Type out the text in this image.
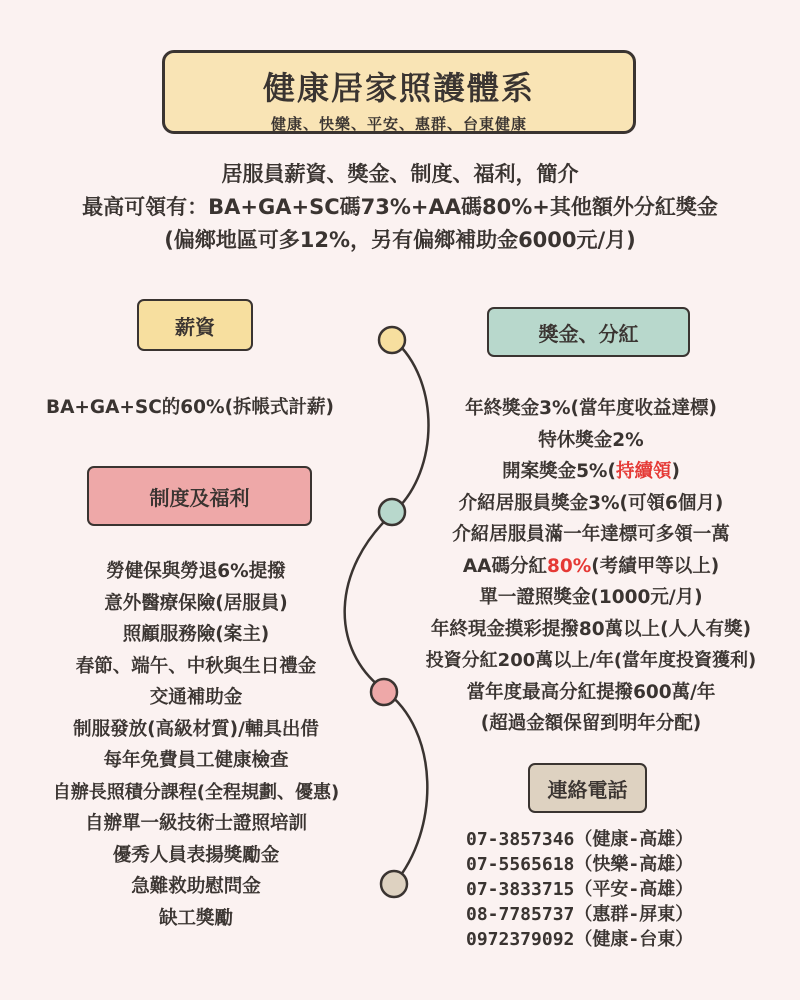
健康居家照護體系
健康、快樂、平安、惠群、台東健康
居服員薪資、獎金、制度、福利，簡介
最高可領有：BA+GA+SC碼73%+AA碼80%+其他額外分紅獎金
(偏鄉地區可多12%，另有偏鄉補助金6000元/月)
薪資
BA+GA+SC的60%(拆帳式計薪)
獎金、分紅
年終獎金3%(當年度收益達標)
特休獎金2%
開案獎金5%(持續領)
介紹居服員獎金3%(可領6個月)
介紹居服員滿一年達標可多領一萬
AA碼分紅80%(考績甲等以上)
單一證照獎金(1000元/月)
年終現金摸彩提撥80萬以上(人人有獎)
投資分紅200萬以上/年(當年度投資獲利)
當年度最高分紅提撥600萬/年
(超過金額保留到明年分配)
制度及福利
勞健保與勞退6%提撥
意外醫療保險(居服員)
照顧服務險(案主)
春節、端午、中秋與生日禮金
交通補助金
制服發放(高級材質)/輔具出借
每年免費員工健康檢查
自辦長照積分課程(全程規劃、優惠)
自辦單一級技術士證照培訓
優秀人員表揚獎勵金
急難救助慰問金
缺工獎勵
連絡電話
07-3857346（健康-高雄）
07-5565618（快樂-高雄）
07-3833715（平安-高雄）
08-7785737（惠群-屏東）
0972379092（健康-台東）
